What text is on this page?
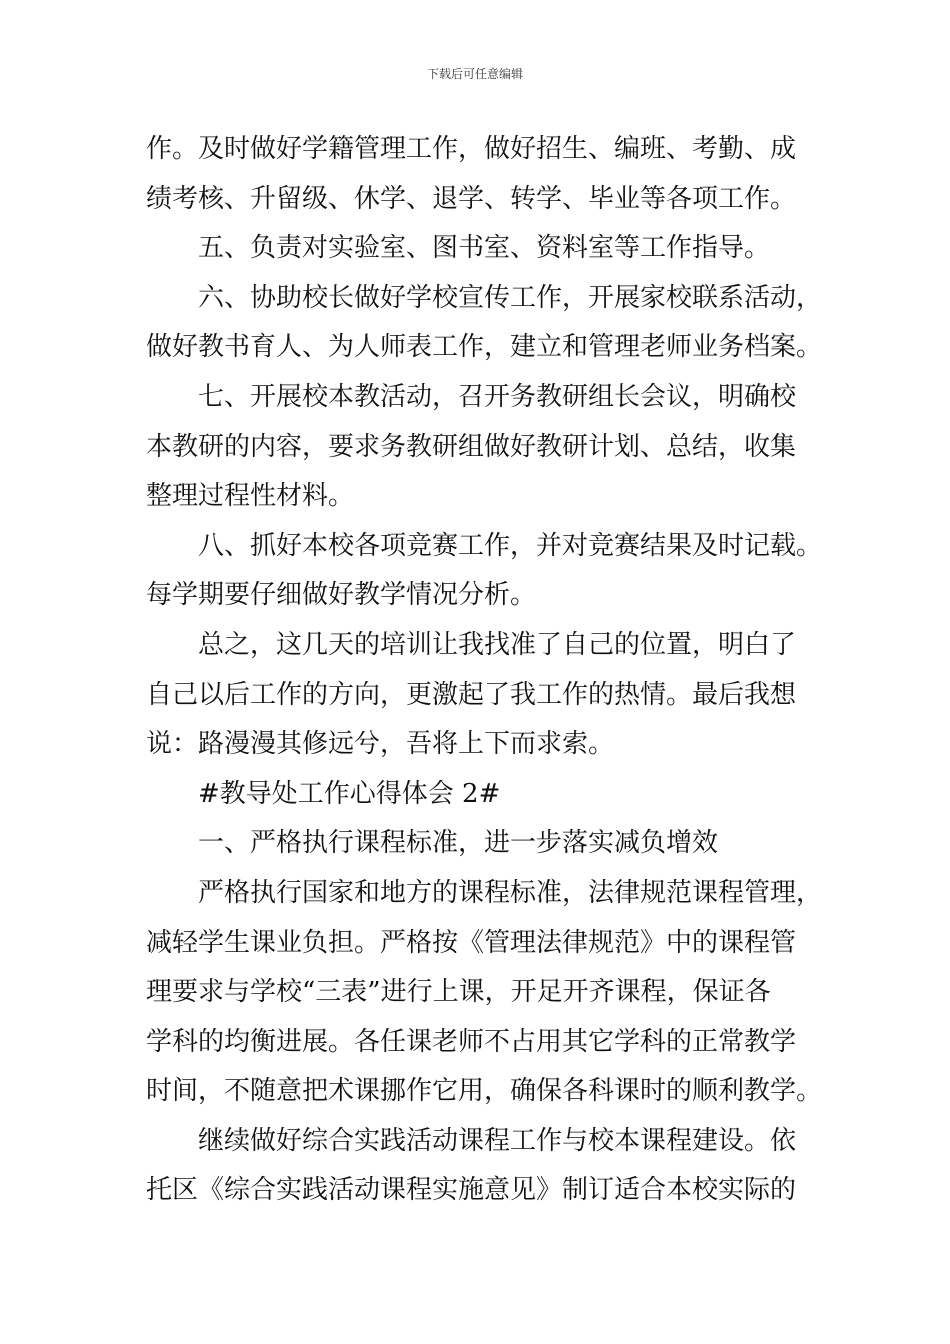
下载后可任意编辑
作。及时做好学籍管理工作，做好招生、编班、考勤、成
绩考核、升留级、休学、退学、转学、毕业等各项工作。
　　五、负责对实验室、图书室、资料室等工作指导。
　　六、协助校长做好学校宣传工作，开展家校联系活动，
做好教书育人、为人师表工作，建立和管理老师业务档案。
　　七、开展校本教活动，召开务教研组长会议，明确校
本教研的内容，要求务教研组做好教研计划、总结，收集
整理过程性材料。
　　八、抓好本校各项竞赛工作，并对竞赛结果及时记载。
每学期要仔细做好教学情况分析。
　　总之，这几天的培训让我找准了自己的位置，明白了
自己以后工作的方向，更激起了我工作的热情。最后我想
说：路漫漫其修远兮，吾将上下而求索。
　　#教导处工作心得体会 2#
　　一、严格执行课程标准，进一步落实减负增效
　　严格执行国家和地方的课程标准，法律规范课程管理，
减轻学生课业负担。严格按《管理法律规范》中的课程管
理要求与学校“三表”进行上课，开足开齐课程，保证各
学科的均衡进展。各任课老师不占用其它学科的正常教学
时间，不随意把术课挪作它用，确保各科课时的顺利教学。
　　继续做好综合实践活动课程工作与校本课程建设。依
托区《综合实践活动课程实施意见》制订适合本校实际的
